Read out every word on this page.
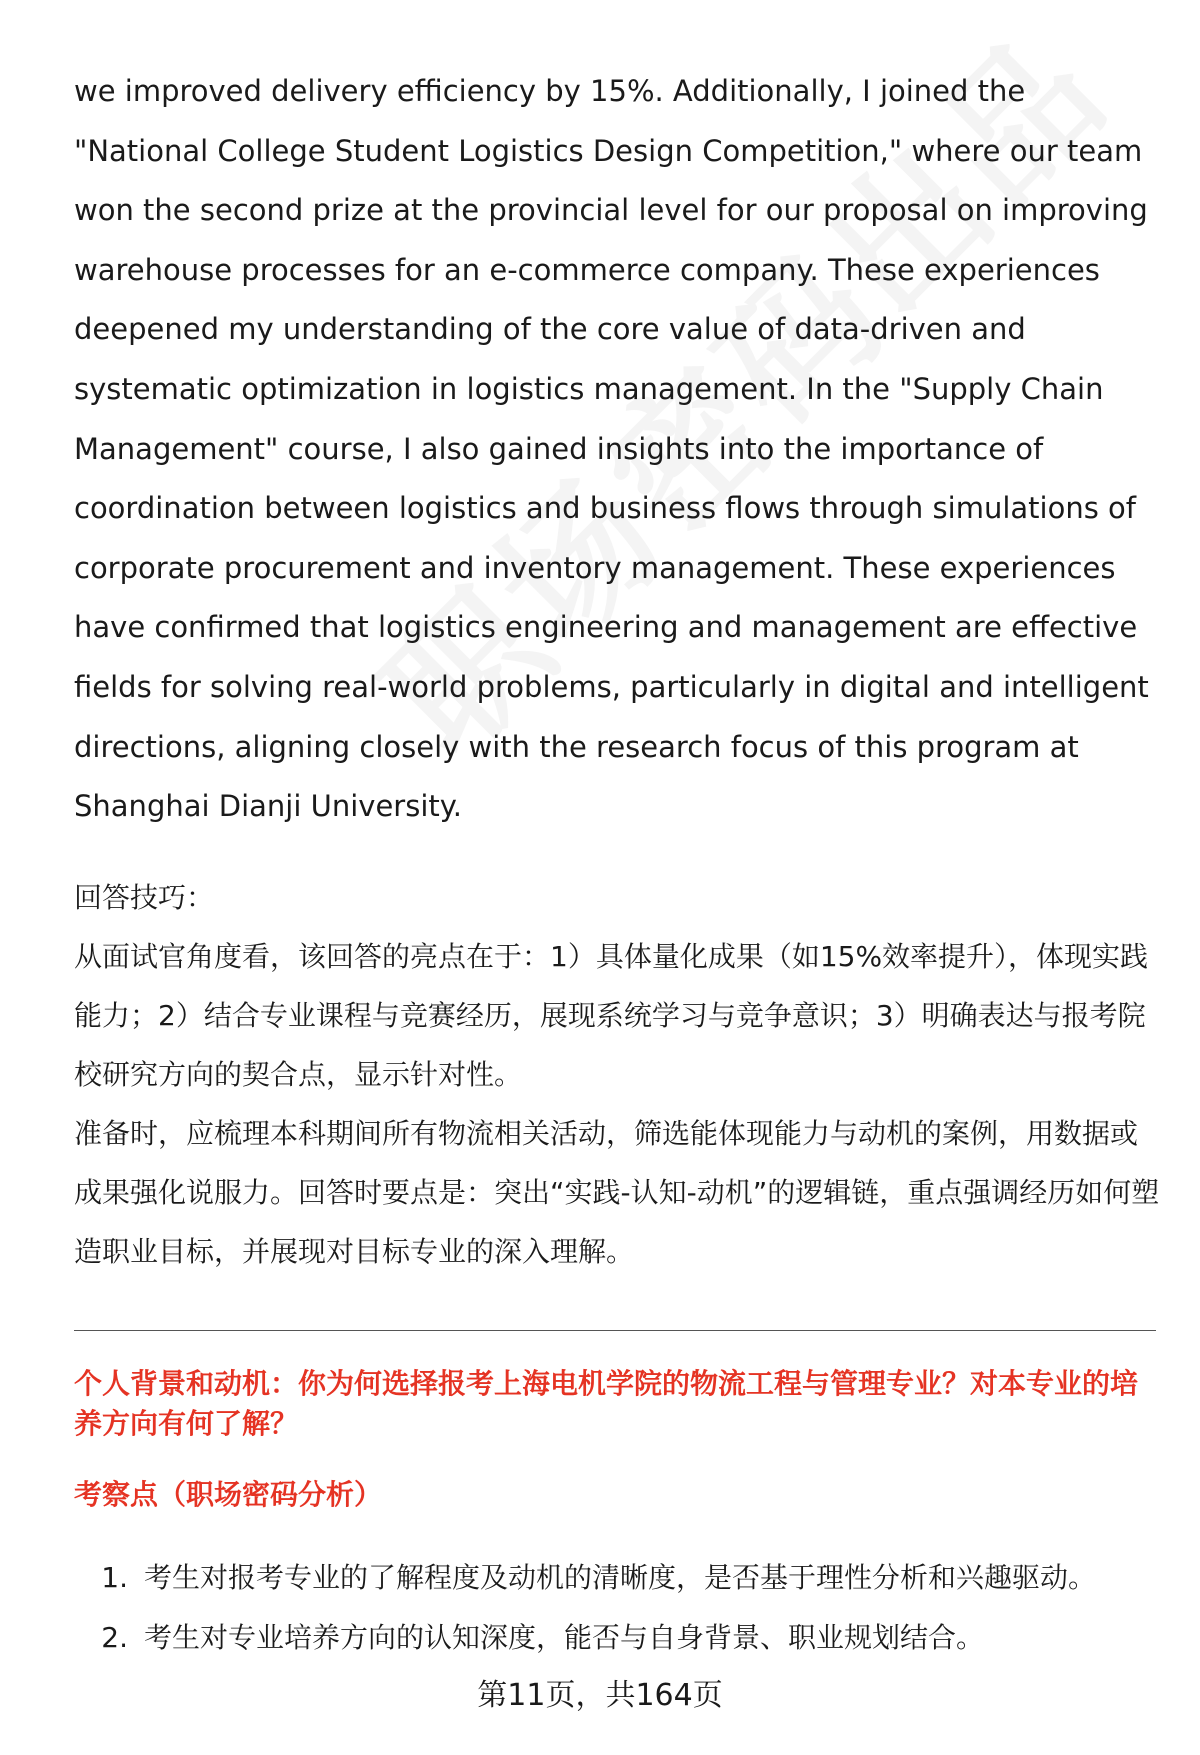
we improved delivery efficiency by 15%. Additionally, I joined the "National College Student Logistics Design Competition," where our team won the second prize at the provincial level for our proposal on improving warehouse processes for an e-commerce company. These experiences deepened my understanding of the core value of data-driven and systematic optimization in logistics management. In the "Supply Chain Management" course, I also gained insights into the importance of coordination between logistics and business flows through simulations of corporate procurement and inventory management. These experiences have confirmed that logistics engineering and management are effective fields for solving real-world problems, particularly in digital and intelligent directions, aligning closely with the research focus of this program at Shanghai Dianji University.

回答技巧：

从面试官角度看，该回答的亮点在于：1）具体量化成果（如15%效率提升），体现实践能力；2）结合专业课程与竞赛经历，展现系统学习与竞争意识；3）明确表达与报考院校研究方向的契合点，显示针对性。

准备时，应梳理本科期间所有物流相关活动，筛选能体现能力与动机的案例，用数据或成果强化说服力。回答时要点是：突出“实践-认知-动机”的逻辑链，重点强调经历如何塑造职业目标，并展现对目标专业的深入理解。

个人背景和动机：你为何选择报考上海电机学院的物流工程与管理专业？对本专业的培养方向有何了解？
考察点（职场密码分析）
1. 考生对报考专业的了解程度及动机的清晰度，是否基于理性分析和兴趣驱动。
2. 考生对专业培养方向的认知深度，能否与自身背景、职业规划结合。
第11页，共164页
